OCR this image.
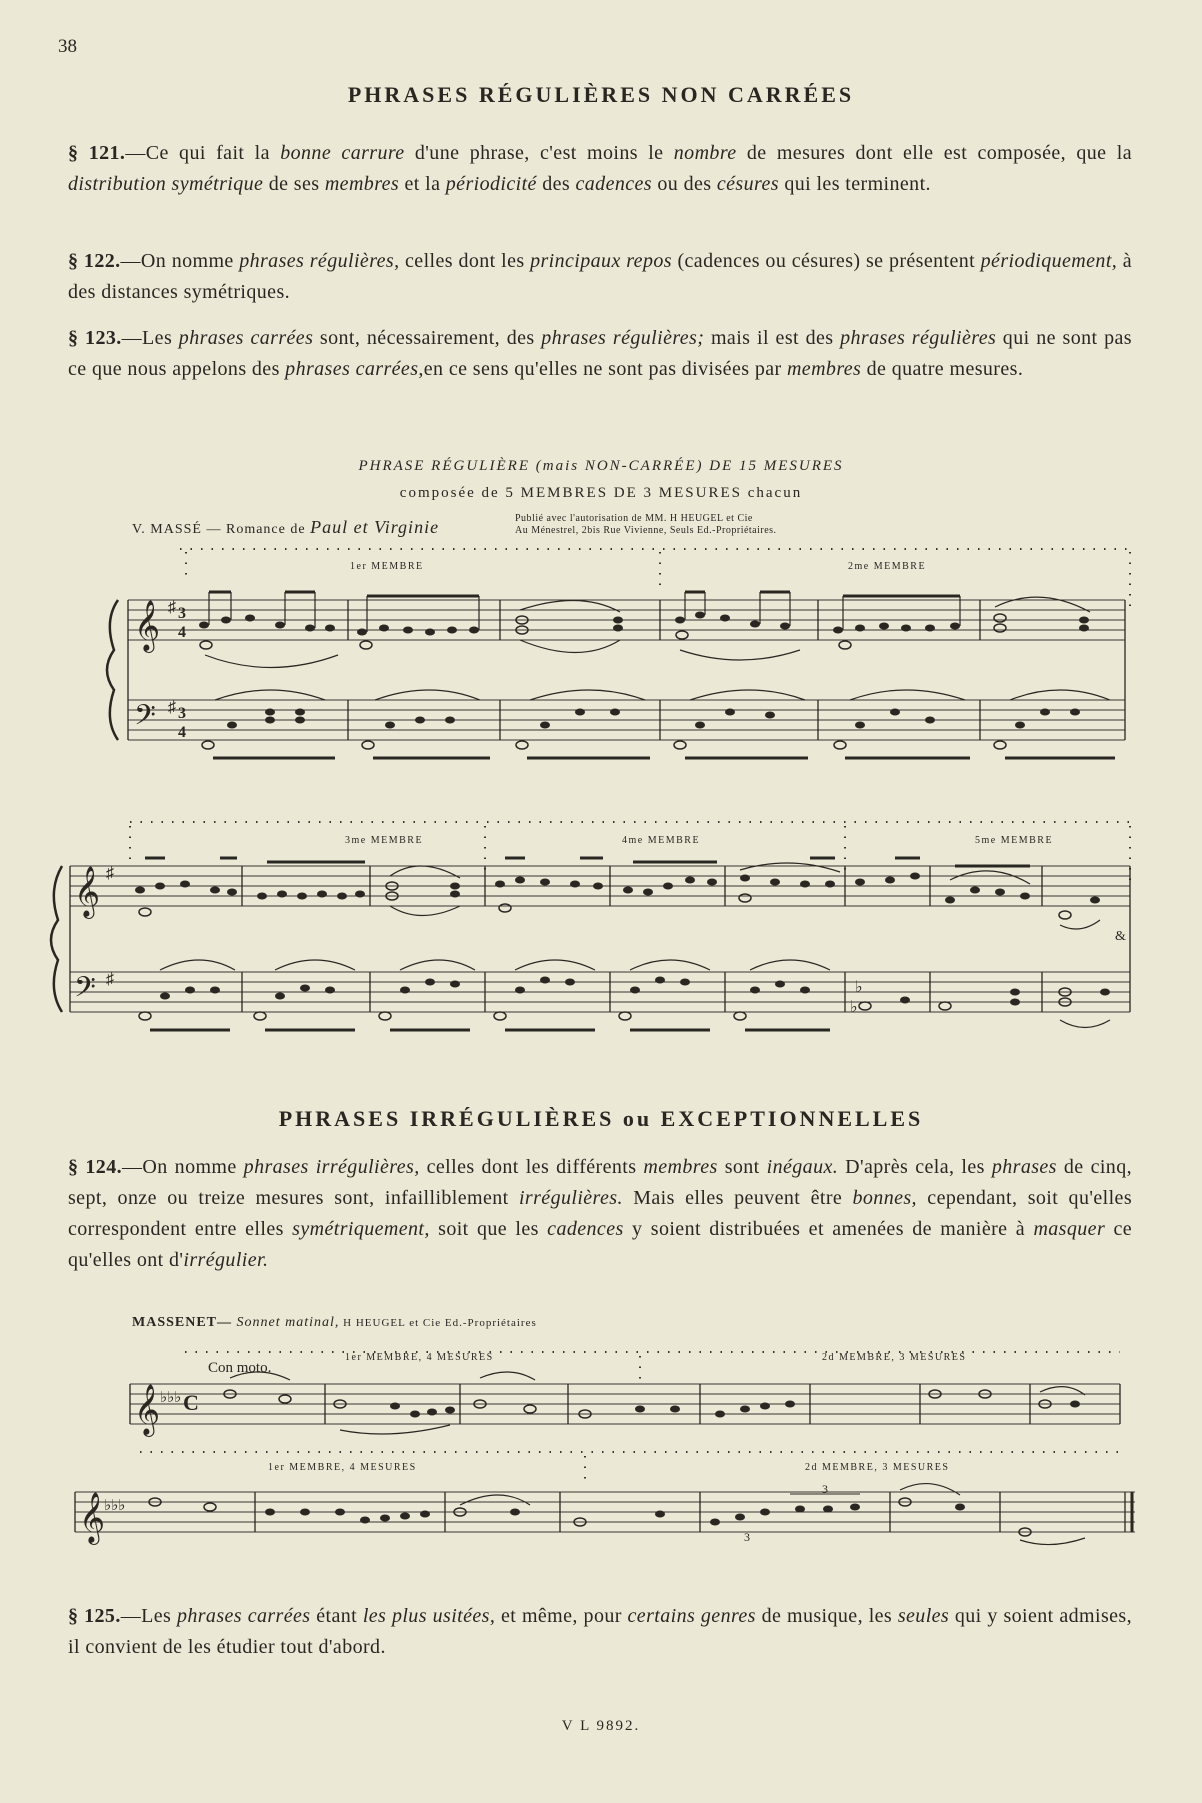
38
PHRASES RÉGULIÈRES NON CARRÉES
§ 121.—Ce qui fait la bonne carrure d'une phrase, c'est moins le nombre de mesures dont elle est composée, que la distribution symétrique de ses membres et la périodicité des cadences ou des césures qui les terminent.
§ 122.—On nomme phrases régulières, celles dont les principaux repos (cadences ou césures) se présentent périodiquement, à des distances symétriques.
§ 123.—Les phrases carrées sont, nécessairement, des phrases régulières; mais il est des phrases régulières qui ne sont pas ce que nous appelons des phrases carrées,en ce sens qu'elles ne sont pas divisées par membres de quatre mesures.
PHRASE RÉGULIÈRE (mais NON-CARRÉE) DE 15 MESURES
composée de 5 MEMBRES DE 3 MESURES chacun
V. MASSÉ — Romance de Paul et Virginie	Publié avec l'autorisation de MM. H HEUGEL et Cie
Au Ménestrel, 2bis Rue Vivienne, Seuls Ed.-Propriétaires.
1er MEMBRE	2me MEMBRE
𝄞
𝄢
♯
♯
3
4
3
4
𝄞
𝄢
♯
♯	♭
♭
&
𝄞 ♭♭♭ C
𝄞
♭♭♭
3me MEMBRE	4me MEMBRE	5me MEMBRE
PHRASES IRRÉGULIÈRES ou EXCEPTIONNELLES
§ 124.—On nomme phrases irrégulières, celles dont les différents membres sont inégaux. D'après cela, les phrases de cinq, sept, onze ou treize mesures sont, infailliblement irrégulières. Mais elles peuvent être bonnes, cependant, soit qu'elles correspondent entre elles symétriquement, soit que les cadences y soient distribuées et amenées de manière à masquer ce qu'elles ont d'irrégulier.
MASSENET— Sonnet matinal, H HEUGEL et Cie Ed.-Propriétaires
Con moto.
1er MEMBRE, 4 MESURES	2d MEMBRE, 3 MESURES
1er MEMBRE, 4 MESURES	2d MEMBRE, 3 MESURES
3
3
§ 125.—Les phrases carrées étant les plus usitées, et même, pour certains genres de musique, les seules qui y soient admises, il convient de les étudier tout d'abord.
V L 9892.
